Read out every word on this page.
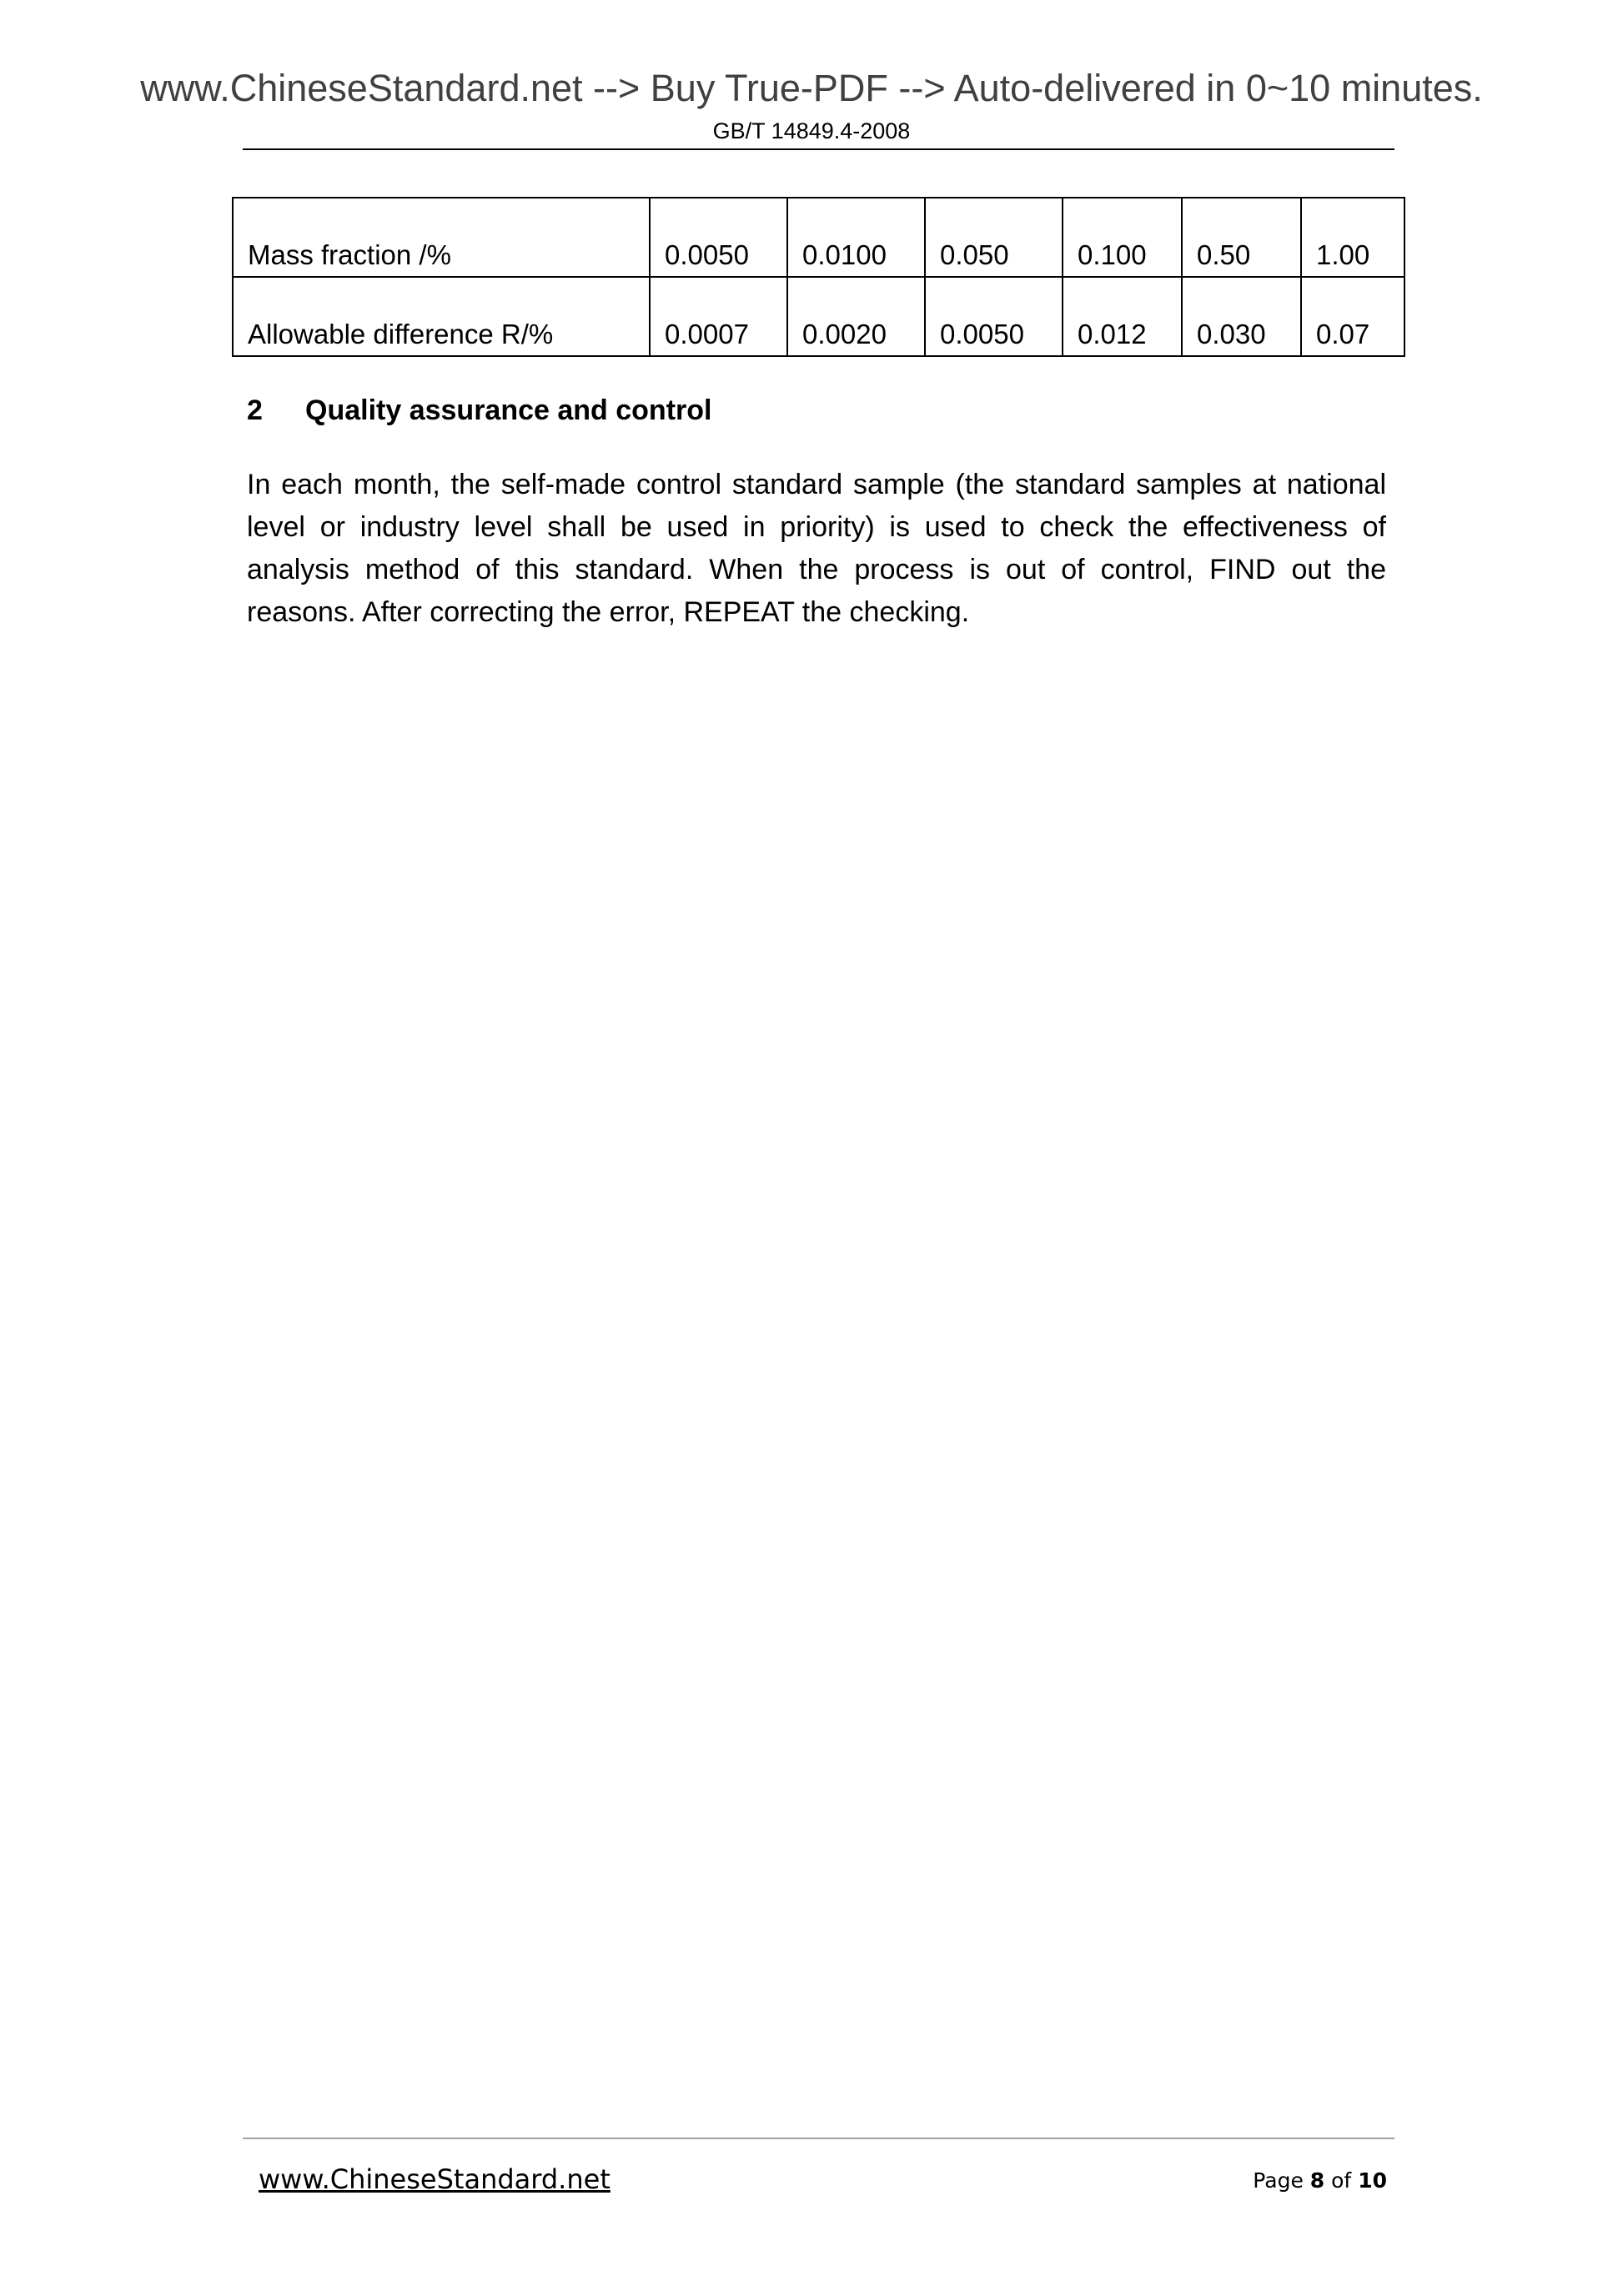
www.ChineseStandard.net --> Buy True-PDF --> Auto-delivered in 0~10 minutes.
GB/T 14849.4-2008
Mass fraction /%	0.0050	0.0100	0.050	0.100	0.50	1.00
Allowable difference R/%	0.0007	0.0020	0.0050	0.012	0.030	0.07
2 Quality assurance and control
In each month, the self-made control standard sample (the standard samples at national level or industry level shall be used in priority) is used to check the effectiveness of analysis method of this standard. When the process is out of control, FIND out the reasons. After correcting the error, REPEAT the checking.
www.ChineseStandard.net	Page 8 of 10
